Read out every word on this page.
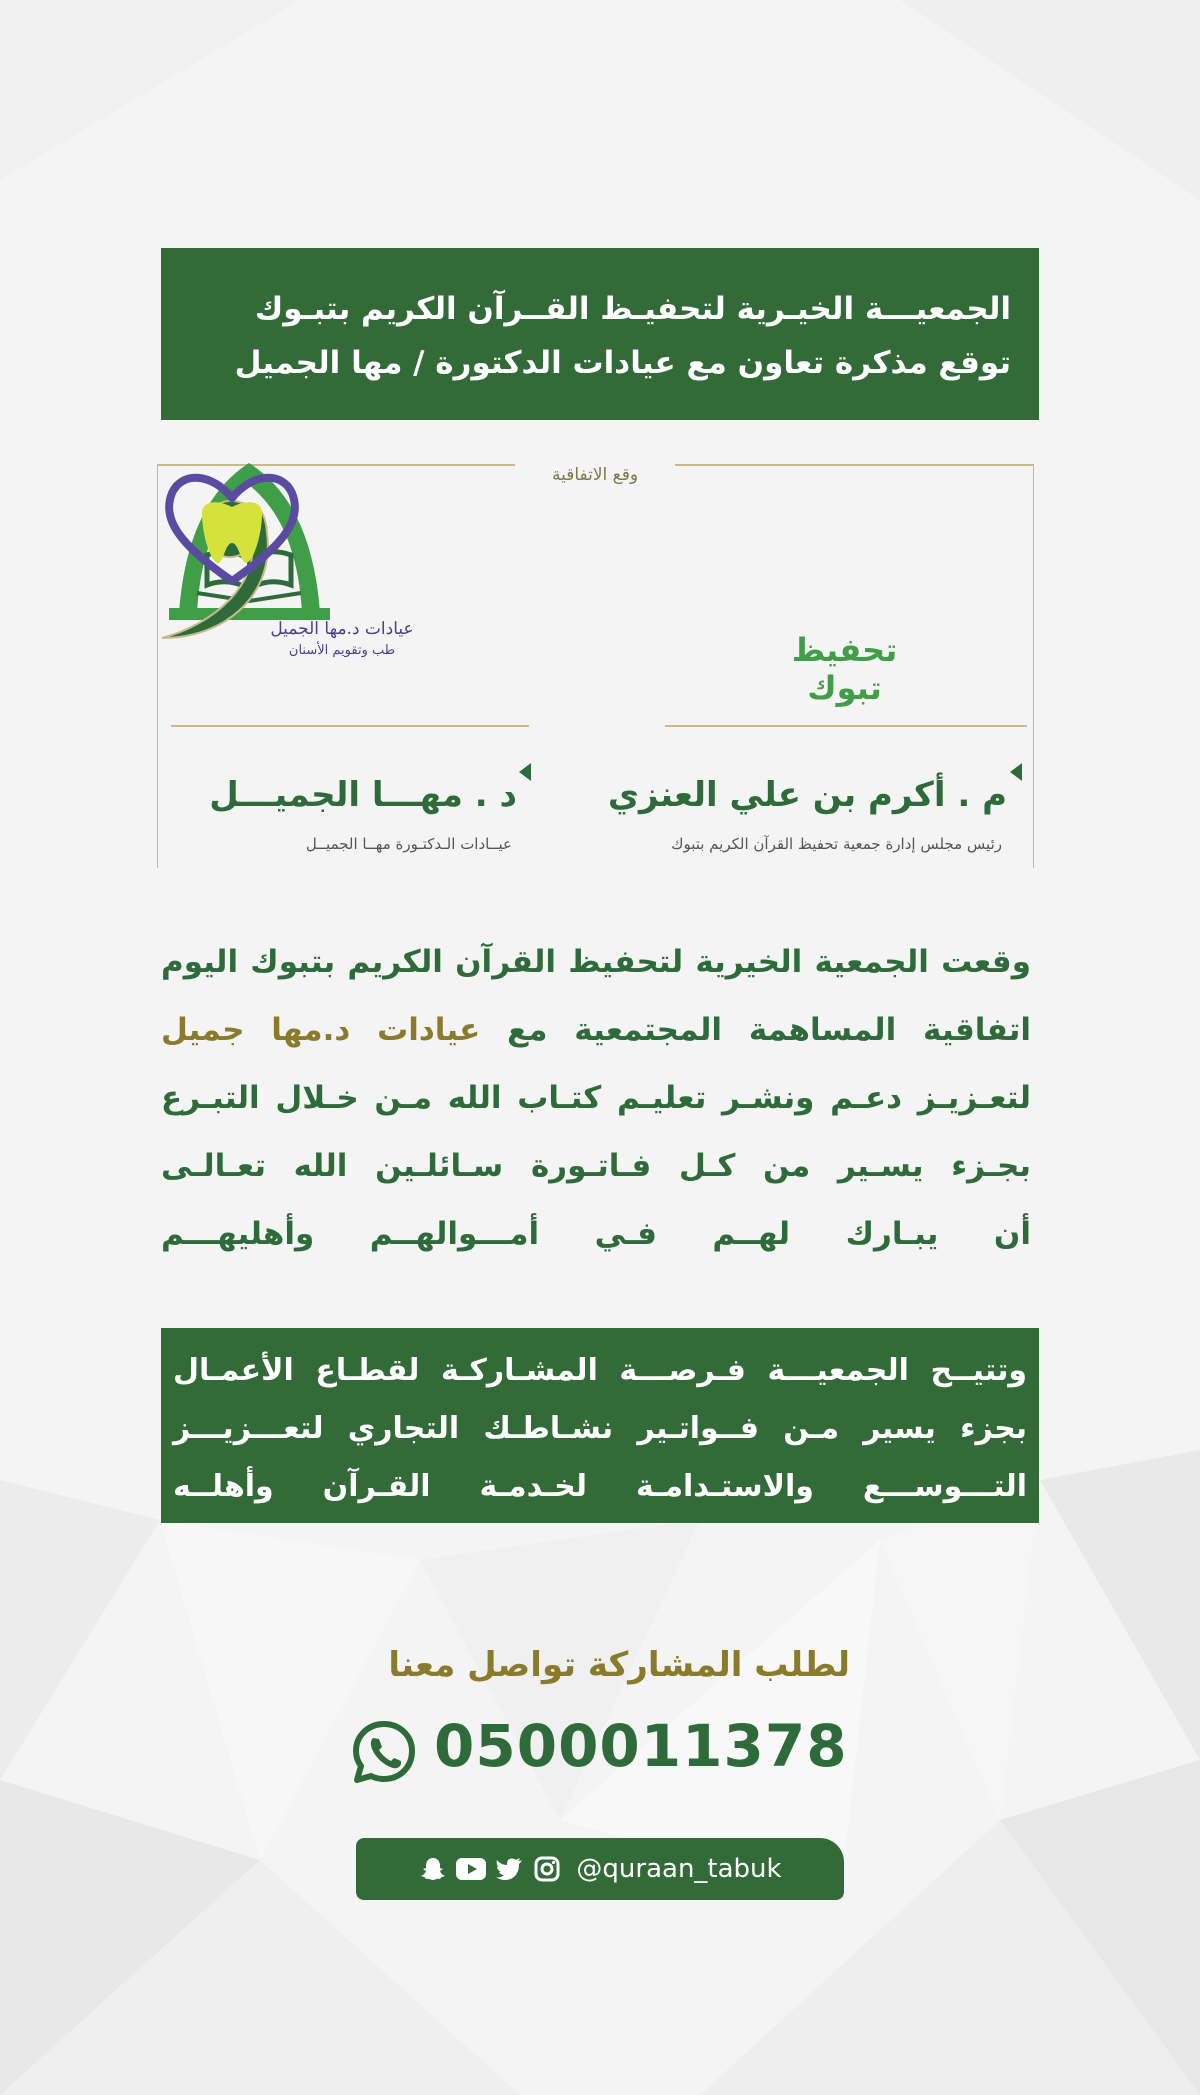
الجمعيـــة الخيـرية لتحفيـظ القــرآن الكريم بتبـوك
توقع مذكرة تعاون مع عيادات الدكتورة / مها الجميل
وقع الاتفاقية
تحفيظ تبوك
عيادات د.مها الجميل
طب وتقويم الأسنان
م . أكرم بن علي العنزي
رئيس مجلس إدارة جمعية تحفيظ القرآن الكريم بتبوك
د . مهـــا الجميـــل
عيــادات الـدكتـورة مهــا الجميــل
وقعت الجمعية الخيرية لتحفيظ القرآن الكريم بتبوك اليوم
اتفاقية المساهمة المجتمعية مع عيادات د.مها جميل
لتعـزيـز دعـم ونشـر تعليـم كتـاب الله مـن خـلال التبـرع
بجـزء يسـير من كـل فـاتـورة سـائلـين الله تعـالـى
أن يبـارك لهــم فـي أمـــوالهــم وأهليهـــم
وتتيــح الجمعيـــة فـرصـــة المشـاركـة لقطـاع الأعمـال
بجزء يسير مـن فــواتـير نشـاطـك التجاري لتعـــزيـــز
التـــوســـع والاستـدامـة لخـدمـة القـرآن وأهلــه
لطلب المشاركة تواصل معنا
0500011378
@quraan_tabuk
